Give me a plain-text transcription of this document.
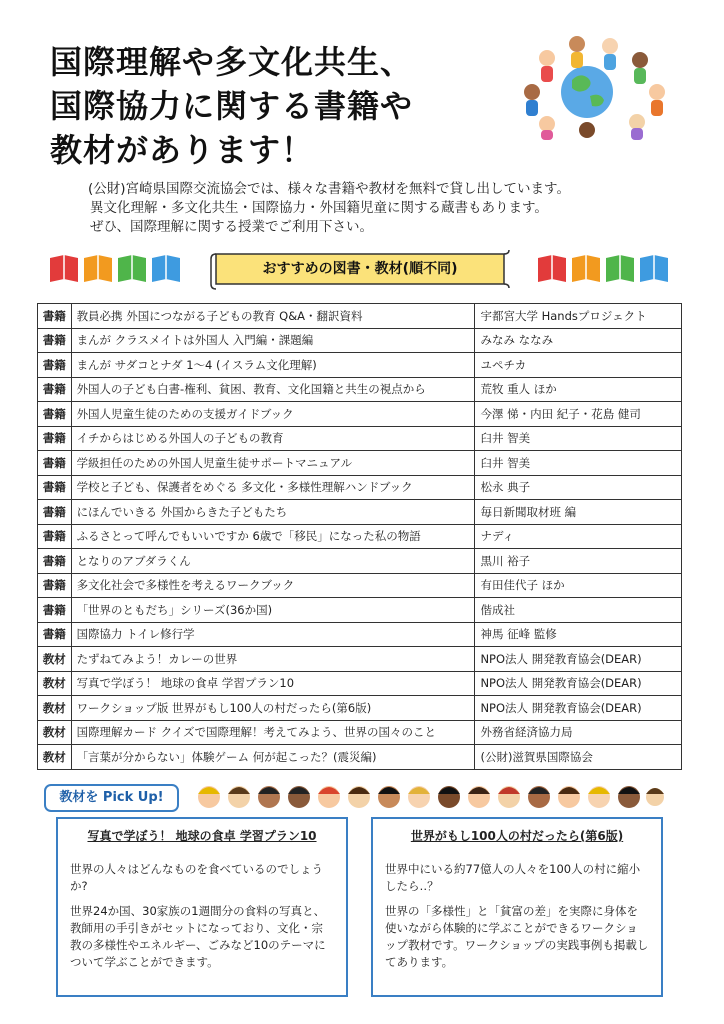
国際理解や多文化共生、
国際協力に関する書籍や
教材があります！
(公財)宮崎県国際交流協会では、様々な書籍や教材を無料で貸し出しています。
異文化理解・多文化共生・国際協力・外国籍児童に関する蔵書もあります。
ぜひ、国際理解に関する授業でご利用下さい。
おすすめの図書・教材(順不同)
書籍	教員必携 外国につながる子どもの教育 Q&A・翻訳資料	宇都宮大学 Handsプロジェクト
書籍	まんが クラスメイトは外国人 入門編・課題編	みなみ ななみ
書籍	まんが サダコとナダ 1～4 (イスラム文化理解)	ユペチカ
書籍	外国人の子ども白書-権利、貧困、教育、文化国籍と共生の視点から	荒牧 重人 ほか
書籍	外国人児童生徒のための支援ガイドブック	今澤 悌・内田 紀子・花島 健司
書籍	イチからはじめる外国人の子どもの教育	臼井 智美
書籍	学級担任のための外国人児童生徒サポートマニュアル	臼井 智美
書籍	学校と子ども、保護者をめぐる 多文化・多様性理解ハンドブック	松永 典子
書籍	にほんでいきる 外国からきた子どもたち	毎日新聞取材班 編
書籍	ふるさとって呼んでもいいですか 6歳で「移民」になった私の物語	ナディ
書籍	となりのアブダラくん	黒川 裕子
書籍	多文化社会で多様性を考えるワークブック	有田佳代子 ほか
書籍	「世界のともだち」シリーズ(36か国)	偕成社
書籍	国際協力 トイレ修行学	神馬 征峰 監修
教材	たずねてみよう！カレーの世界	NPO法人 開発教育協会(DEAR)
教材	写真で学ぼう！ 地球の食卓 学習プラン10	NPO法人 開発教育協会(DEAR)
教材	ワークショップ版 世界がもし100人の村だったら(第6版)	NPO法人 開発教育協会(DEAR)
教材	国際理解カード クイズで国際理解！考えてみよう、世界の国々のこと	外務省経済協力局
教材	「言葉が分からない」体験ゲーム 何が起こった？(震災編)	(公財)滋賀県国際協会
教材を Pick Up!
写真で学ぼう！ 地球の食卓 学習プラン10

世界の人々はどんなものを食べているのでしょうか?

世界24か国、30家族の1週間分の食料の写真と、教師用の手引きがセットになっており、文化・宗教の多様性やエネルギー、ごみなど10のテーマについて学ぶことができます。

世界がもし100人の村だったら(第6版)

世界中にいる約77億人の人々を100人の村に縮小したら‥？

世界の「多様性」と「貧富の差」を実際に身体を使いながら体験的に学ぶことができるワークショップ教材です。ワークショップの実践事例も掲載してあります。
